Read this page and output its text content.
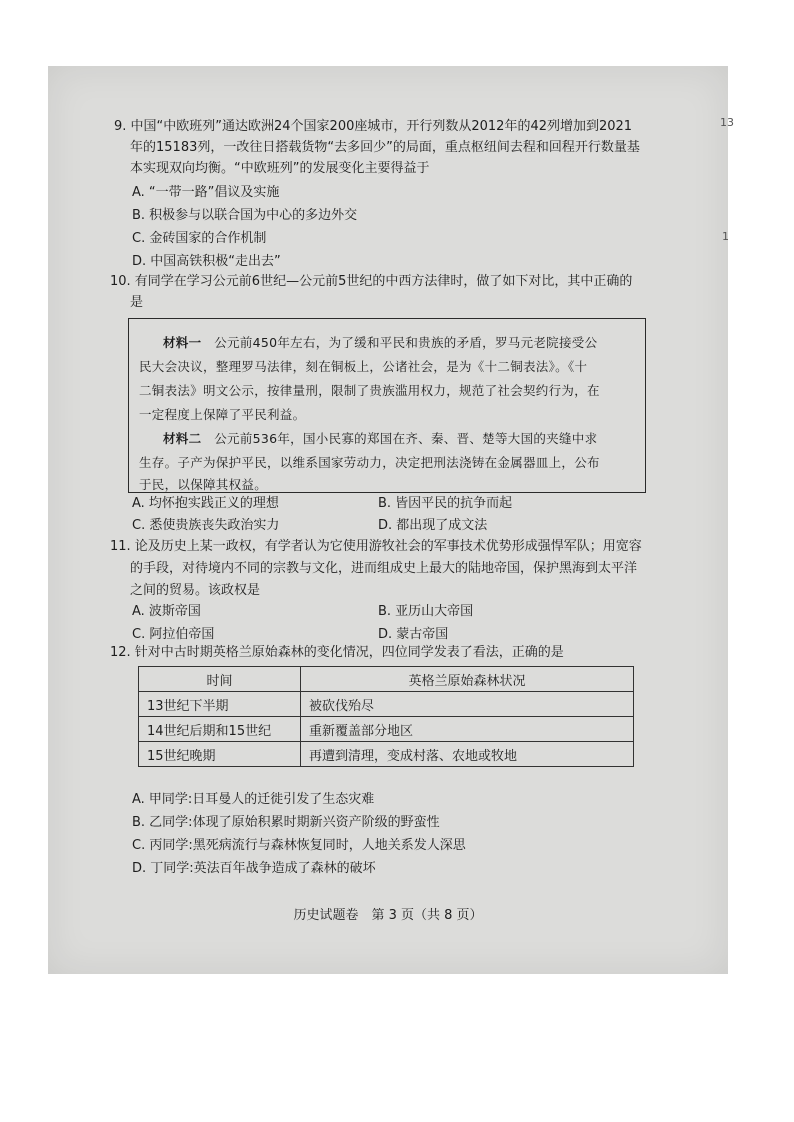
9. 中国“中欧班列”通达欧洲24个国家200座城市，开行列数从2012年的42列增加到2021
年的15183列，一改往日搭载货物“去多回少”的局面，重点枢纽间去程和回程开行数量基
本实现双向均衡。“中欧班列”的发展变化主要得益于
A. “一带一路”倡议及实施
B. 积极参与以联合国为中心的多边外交
C. 金砖国家的合作机制
D. 中国高铁积极“走出去”
10. 有同学在学习公元前6世纪—公元前5世纪的中西方法律时，做了如下对比，其中正确的
是
材料一　 公元前450年左右，为了缓和平民和贵族的矛盾，罗马元老院接受公
民大会决议，整理罗马法律，刻在铜板上，公诸社会，是为《十二铜表法》。《十
二铜表法》明文公示，按律量刑，限制了贵族滥用权力，规范了社会契约行为，在
一定程度上保障了平民利益。
材料二　 公元前536年，国小民寡的郑国在齐、秦、晋、楚等大国的夹缝中求
生存。子产为保护平民，以维系国家劳动力，决定把刑法浇铸在金属器皿上，公布
于民，以保障其权益。
A. 均怀抱实践正义的理想	B. 皆因平民的抗争而起
C. 悉使贵族丧失政治实力	D. 都出现了成文法
11. 论及历史上某一政权，有学者认为它使用游牧社会的军事技术优势形成强悍军队；用宽容
的手段，对待境内不同的宗教与文化，进而组成史上最大的陆地帝国，保护黑海到太平洋
之间的贸易。该政权是
A. 波斯帝国	B. 亚历山大帝国
C. 阿拉伯帝国	D. 蒙古帝国
12. 针对中古时期英格兰原始森林的变化情况，四位同学发表了看法，正确的是
时间	英格兰原始森林状况
13世纪下半期	被砍伐殆尽
14世纪后期和15世纪	重新覆盖部分地区
15世纪晚期	再遭到清理，变成村落、农地或牧地
A. 甲同学:日耳曼人的迁徙引发了生态灾难
B. 乙同学:体现了原始积累时期新兴资产阶级的野蛮性
C. 丙同学:黑死病流行与森林恢复同时，人地关系发人深思
D. 丁同学:英法百年战争造成了森林的破坏
历史试题卷　第 3 页（共 8 页）
13
1
